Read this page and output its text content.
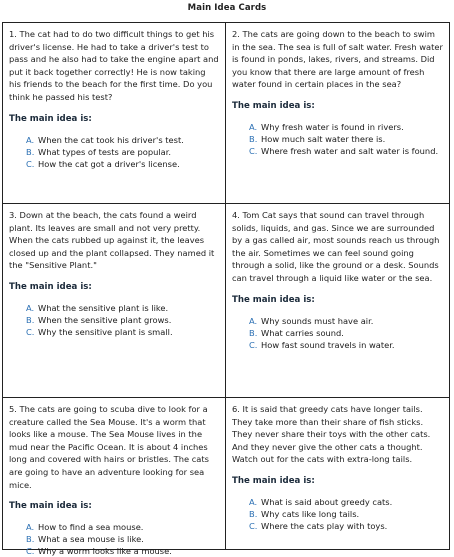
Main Idea Cards

1. The cat had to do two difficult things to get his driver's license. He had to take a driver's test to pass and he also had to take the engine apart and put it back together correctly! He is now taking his friends to the beach for the first time. Do you think he passed his test?

The main idea is:
A. When the cat took his driver's test.
B. What types of tests are popular.
C. How the cat got a driver's license.

2. The cats are going down to the beach to swim in the sea. The sea is full of salt water. Fresh water is found in ponds, lakes, rivers, and streams. Did you know that there are large amount of fresh water found in certain places in the sea?

The main idea is:
A. Why fresh water is found in rivers.
B. How much salt water there is.
C. Where fresh water and salt water is found.

3. Down at the beach, the cats found a weird plant. Its leaves are small and not very pretty. When the cats rubbed up against it, the leaves closed up and the plant collapsed. They named it the "Sensitive Plant."

The main idea is:
A. What the sensitive plant is like.
B. When the sensitive plant grows.
C. Why the sensitive plant is small.

4. Tom Cat says that sound can travel through solids, liquids, and gas. Since we are surrounded by a gas called air, most sounds reach us through the air. Sometimes we can feel sound going through a solid, like the ground or a desk. Sounds can travel through a liquid like water or the sea.

The main idea is:
A. Why sounds must have air.
B. What carries sound.
C. How fast sound travels in water.

5. The cats are going to scuba dive to look for a creature called the Sea Mouse. It's a worm that looks like a mouse. The Sea Mouse lives in the mud near the Pacific Ocean. It is about 4 inches long and covered with hairs or bristles. The cats are going to have an adventure looking for sea mice.

The main idea is:
A. How to find a sea mouse.
B. What a sea mouse is like.
C. Why a worm looks like a mouse.

6. It is said that greedy cats have longer tails. They take more than their share of fish sticks. They never share their toys with the other cats. And they never give the other cats a thought. Watch out for the cats with extra-long tails.

The main idea is:
A. What is said about greedy cats.
B. Why cats like long tails.
C. Where the cats play with toys.
